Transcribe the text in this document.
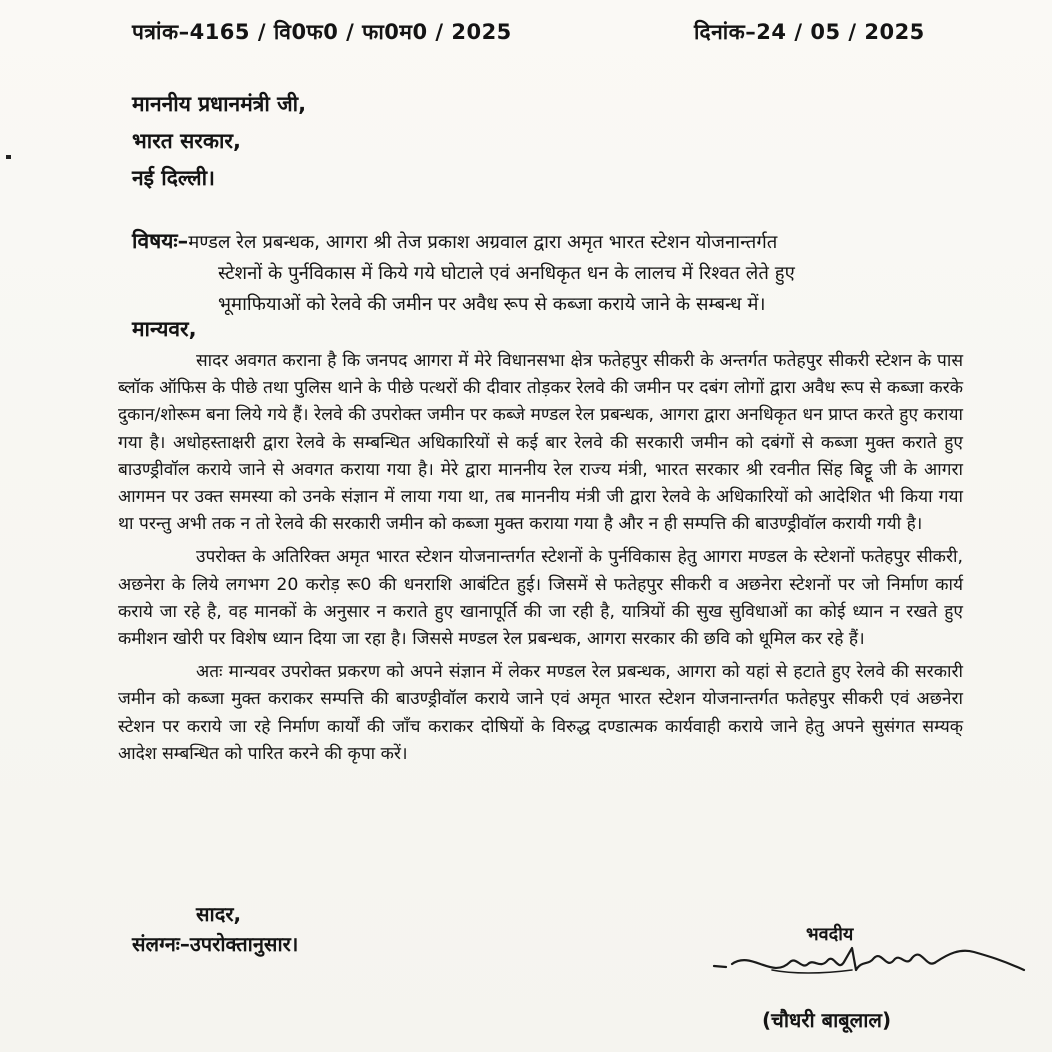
पत्रांक–4165 / वि0फ0 / फा0म0 / 2025	दिनांक–24 / 05 / 2025
माननीय प्रधानमंत्री जी,
भारत सरकार,
नई दिल्ली।
विषयः–मण्डल रेल प्रबन्धक, आगरा श्री तेज प्रकाश अग्रवाल द्वारा अमृत भारत स्टेशन योजनान्तर्गत
स्टेशनों के पुर्नविकास में किये गये घोटाले एवं अनधिकृत धन के लालच में रिश्वत लेते हुए
भूमाफियाओं को रेलवे की जमीन पर अवैध रूप से कब्जा कराये जाने के सम्बन्ध में।
मान्यवर,

सादर अवगत कराना है कि जनपद आगरा में मेरे विधानसभा क्षेत्र फतेहपुर सीकरी के अन्तर्गत फतेहपुर सीकरी स्टेशन के पास ब्लॉक ऑफिस के पीछे तथा पुलिस थाने के पीछे पत्थरों की दीवार तोड़कर रेलवे की जमीन पर दबंग लोगों द्वारा अवैध रूप से कब्जा करके दुकान/शोरूम बना लिये गये हैं। रेलवे की उपरोक्त जमीन पर कब्जे मण्डल रेल प्रबन्धक, आगरा द्वारा अनधिकृत धन प्राप्त करते हुए कराया गया है। अधोहस्ताक्षरी द्वारा रेलवे के सम्बन्धित अधिकारियों से कई बार रेलवे की सरकारी जमीन को दबंगों से कब्जा मुक्त कराते हुए बाउण्ड्रीवॉल कराये जाने से अवगत कराया गया है। मेरे द्वारा माननीय रेल राज्य मंत्री, भारत सरकार श्री रवनीत सिंह बिट्टू जी के आगरा आगमन पर उक्त समस्या को उनके संज्ञान में लाया गया था, तब माननीय मंत्री जी द्वारा रेलवे के अधिकारियों को आदेशित भी किया गया था परन्तु अभी तक न तो रेलवे की सरकारी जमीन को कब्जा मुक्त कराया गया है और न ही सम्पत्ति की बाउण्ड्रीवॉल करायी गयी है।

उपरोक्त के अतिरिक्त अमृत भारत स्टेशन योजनान्तर्गत स्टेशनों के पुर्नविकास हेतु आगरा मण्डल के स्टेशनों फतेहपुर सीकरी, अछनेरा के लिये लगभग 20 करोड़ रू0 की धनराशि आबंटित हुई। जिसमें से फतेहपुर सीकरी व अछनेरा स्टेशनों पर जो निर्माण कार्य कराये जा रहे है, वह मानकों के अनुसार न कराते हुए खानापूर्ति की जा रही है, यात्रियों की सुख सुविधाओं का कोई ध्यान न रखते हुए कमीशन खोरी पर विशेष ध्यान दिया जा रहा है। जिससे मण्डल रेल प्रबन्धक, आगरा सरकार की छवि को धूमिल कर रहे हैं।

अतः मान्यवर उपरोक्त प्रकरण को अपने संज्ञान में लेकर मण्डल रेल प्रबन्धक, आगरा को यहां से हटाते हुए रेलवे की सरकारी जमीन को कब्जा मुक्त कराकर सम्पत्ति की बाउण्ड्रीवॉल कराये जाने एवं अमृत भारत स्टेशन योजनान्तर्गत फतेहपुर सीकरी एवं अछनेरा स्टेशन पर कराये जा रहे निर्माण कार्यों की जाँच कराकर दोषियों के विरुद्ध दण्डात्मक कार्यवाही कराये जाने हेतु अपने सुसंगत सम्यक् आदेश सम्बन्धित को पारित करने की कृपा करें।

सादर,
संलग्नः–उपरोक्तानुसार।	भवदीय
(चौधरी बाबूलाल)
